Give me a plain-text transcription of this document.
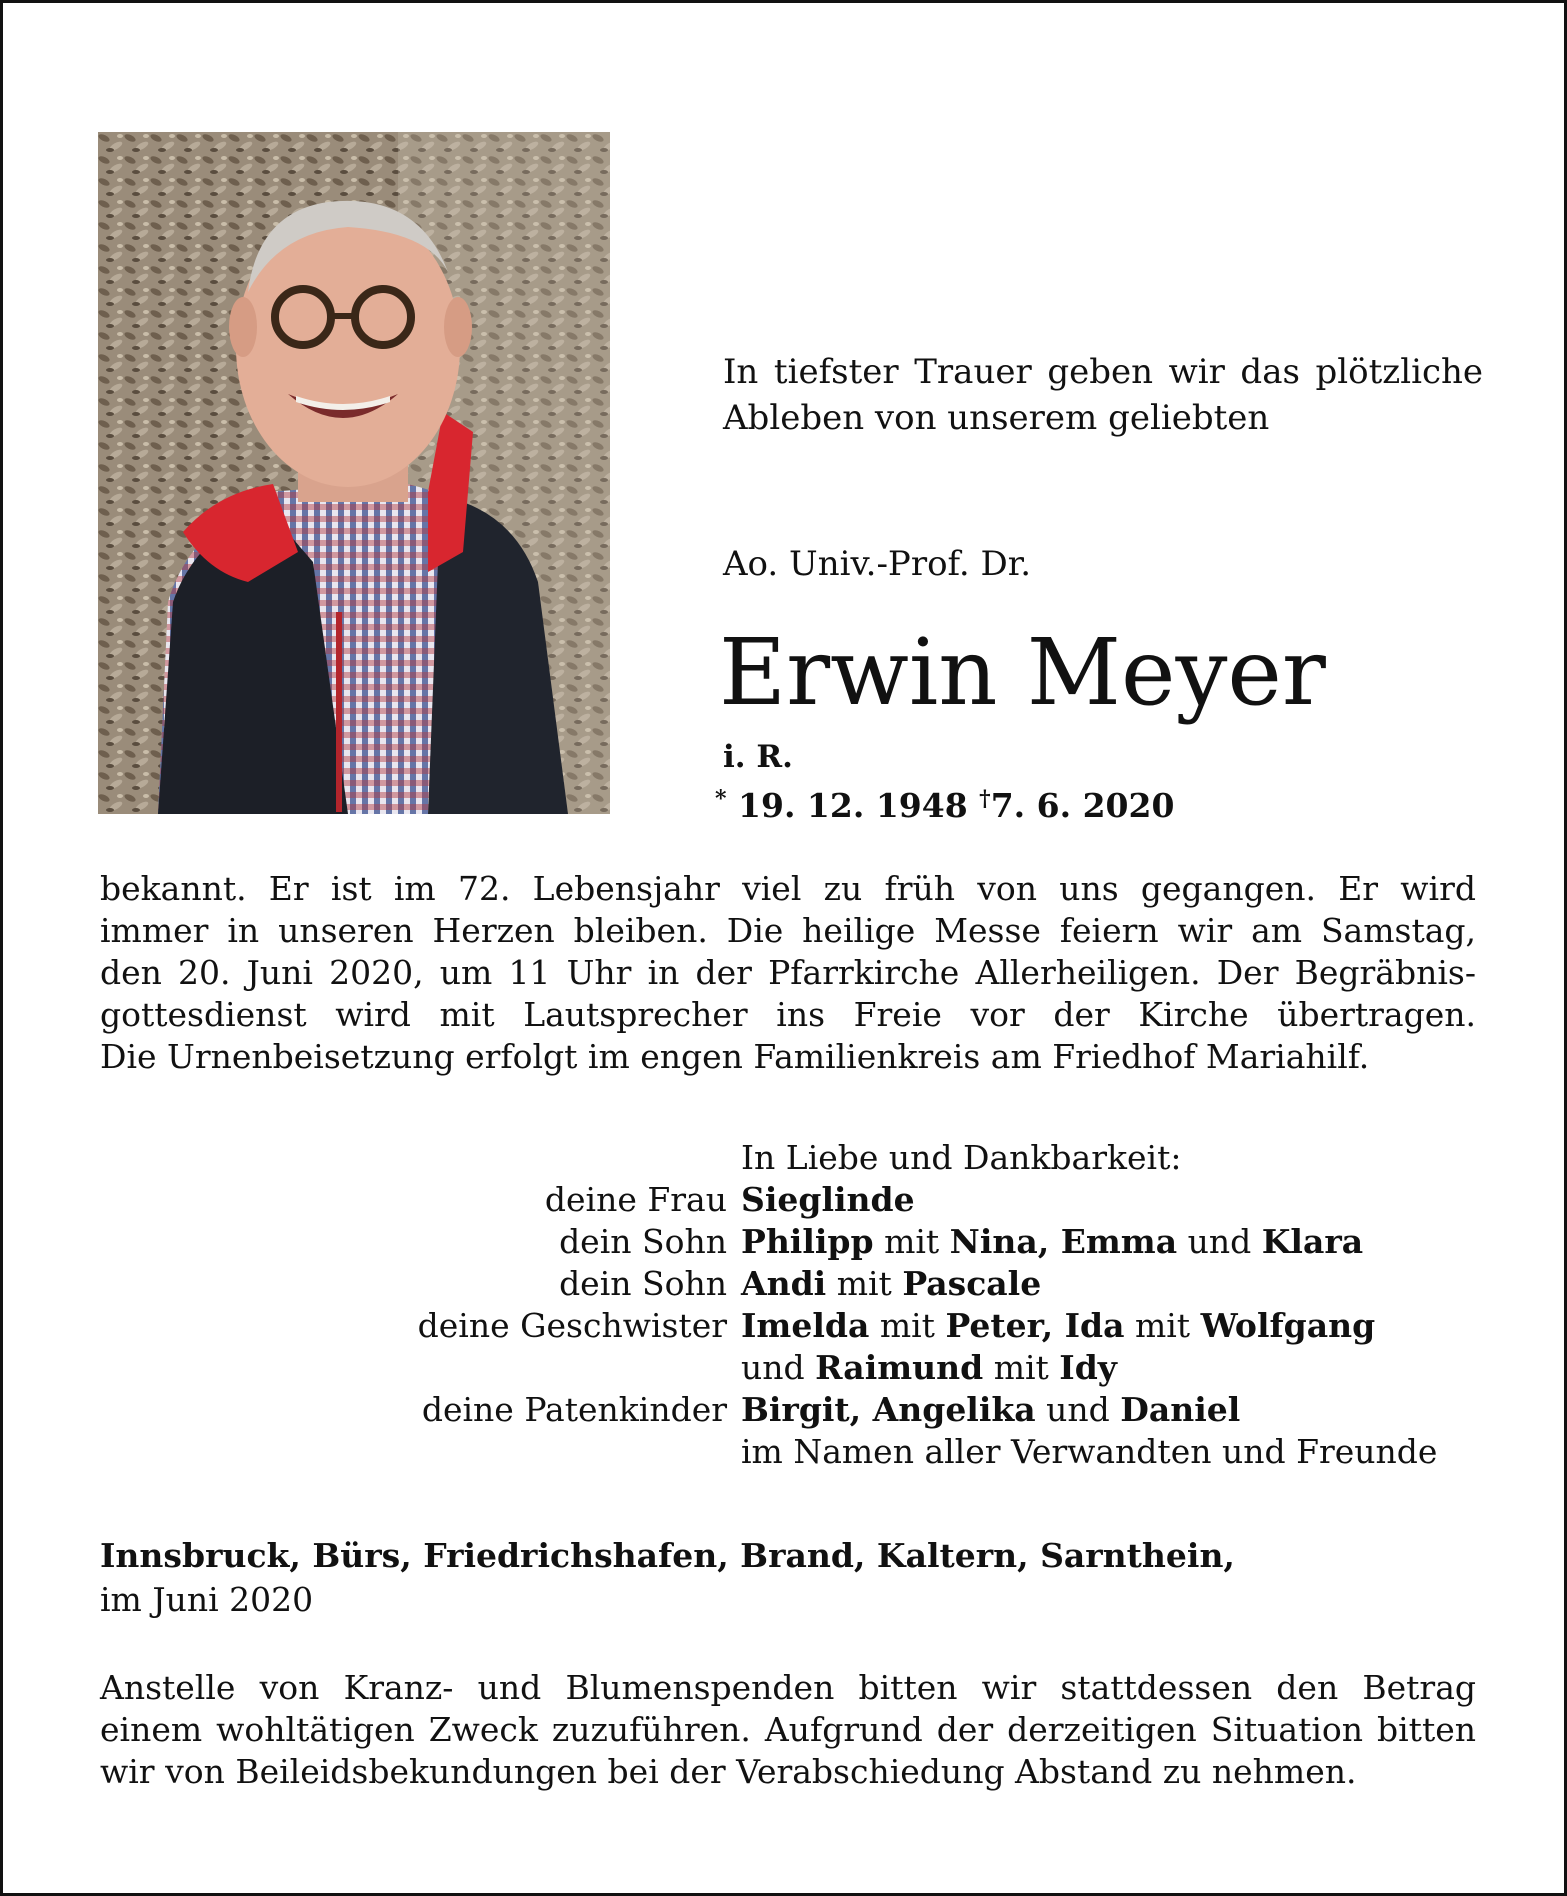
In tiefster Trauer geben wir das plötzliche
Ableben von unserem geliebten

Ao. Univ.-Prof. Dr.

Erwin Meyer

i. R.

* 19. 12. 1948 †7. 6. 2020

bekannt. Er ist im 72. Lebensjahr viel zu früh von uns gegangen. Er wird
immer in unseren Herzen bleiben. Die heilige Messe feiern wir am Samstag,
den 20. Juni 2020, um 11 Uhr in der Pfarrkirche Allerheiligen. Der Begräbnis-
gottesdienst wird mit Lautsprecher ins Freie vor der Kirche übertragen.
Die Urnenbeisetzung erfolgt im engen Familienkreis am Friedhof Mariahilf.

In Liebe und Dankbarkeit:

deine Frau Sieglinde
dein Sohn Philipp mit Nina, Emma und Klara
dein Sohn Andi mit Pascale
deine Geschwister Imelda mit Peter, Ida mit Wolfgang
und Raimund mit Idy
deine Patenkinder Birgit, Angelika und Daniel
im Namen aller Verwandten und Freunde

Innsbruck, Bürs, Friedrichshafen, Brand, Kaltern, Sarnthein,

im Juni 2020

Anstelle von Kranz- und Blumenspenden bitten wir stattdessen den Betrag
einem wohltätigen Zweck zuzuführen. Aufgrund der derzeitigen Situation bitten
wir von Beileidsbekundungen bei der Verabschiedung Abstand zu nehmen.
